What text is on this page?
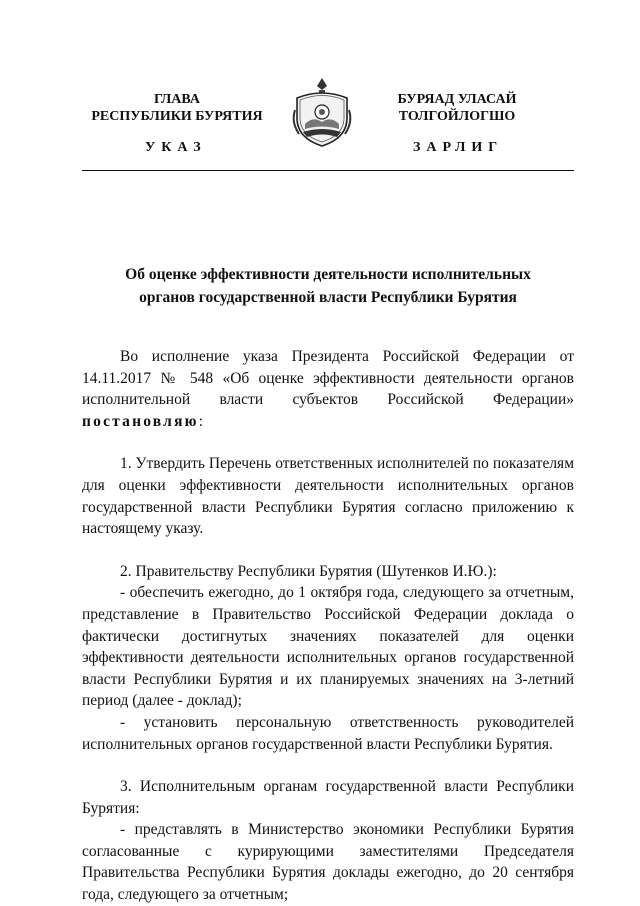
ГЛАВА
РЕСПУБЛИКИ БУРЯТИЯ
УКАЗ
БУРЯАД УЛАСАЙ
ТОЛГОЙЛОГШО
ЗАРЛИГ
Об оценке эффективности деятельности исполнительных
органов государственной власти Республики Бурятия

Во исполнение указа Президента Российской Федерации от 14.11.2017 № 548 «Об оценке эффективности деятельности органов исполнительной власти субъектов Российской Федерации» постановляю:

1. Утвердить Перечень ответственных исполнителей по показателям для оценки эффективности деятельности исполнительных органов государственной власти Республики Бурятия согласно приложению к настоящему указу.

2. Правительству Республики Бурятия (Шутенков И.Ю.):

- обеспечить ежегодно, до 1 октября года, следующего за отчетным, представление в Правительство Российской Федерации доклада о фактически достигнутых значениях показателей для оценки эффективности деятельности исполнительных органов государственной власти Республики Бурятия и их планируемых значениях на 3-летний период (далее - доклад);

- установить персональную ответственность руководителей исполнительных органов государственной власти Республики Бурятия.

3. Исполнительным органам государственной власти Республики Бурятия:

- представлять в Министерство экономики Республики Бурятия согласованные с курирующими заместителями Председателя Правительства Республики Бурятия доклады ежегодно, до 20 сентября года, следующего за отчетным;
